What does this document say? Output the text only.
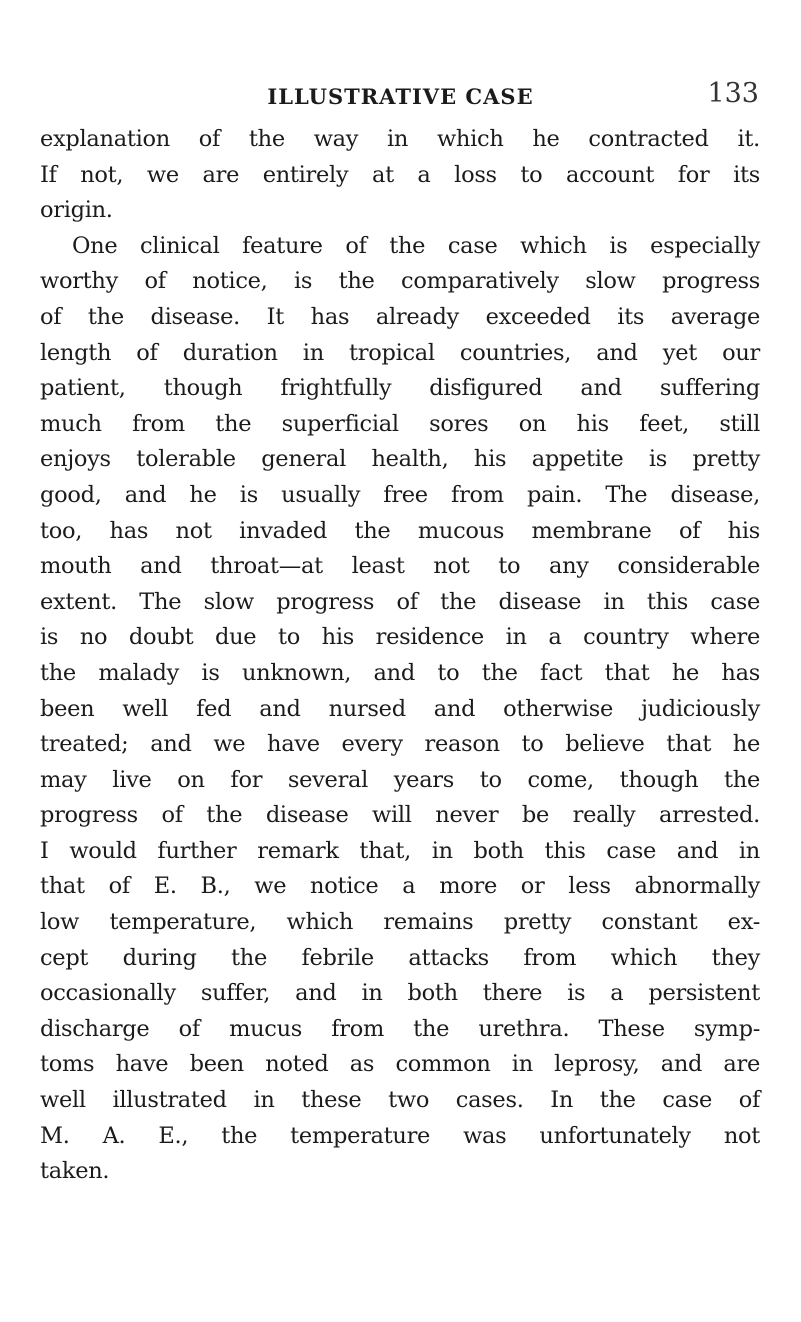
ILLUSTRATIVE CASE	133
explanation of the way in which he contracted it.
If not, we are entirely at a loss to account for its
origin.
One clinical feature of the case which is especially
worthy of notice, is the comparatively slow progress
of the disease. It has already exceeded its average
length of duration in tropical countries, and yet our
patient, though frightfully disfigured and suffering
much from the superficial sores on his feet, still
enjoys tolerable general health, his appetite is pretty
good, and he is usually free from pain. The disease,
too, has not invaded the mucous membrane of his
mouth and throat—at least not to any considerable
extent. The slow progress of the disease in this case
is no doubt due to his residence in a country where
the malady is unknown, and to the fact that he has
been well fed and nursed and otherwise judiciously
treated; and we have every reason to believe that he
may live on for several years to come, though the
progress of the disease will never be really arrested.
I would further remark that, in both this case and in
that of E. B., we notice a more or less abnormally
low temperature, which remains pretty constant ex-
cept during the febrile attacks from which they
occasionally suffer, and in both there is a persistent
discharge of mucus from the urethra. These symp-
toms have been noted as common in leprosy, and are
well illustrated in these two cases. In the case of
M. A. E., the temperature was unfortunately not
taken.
